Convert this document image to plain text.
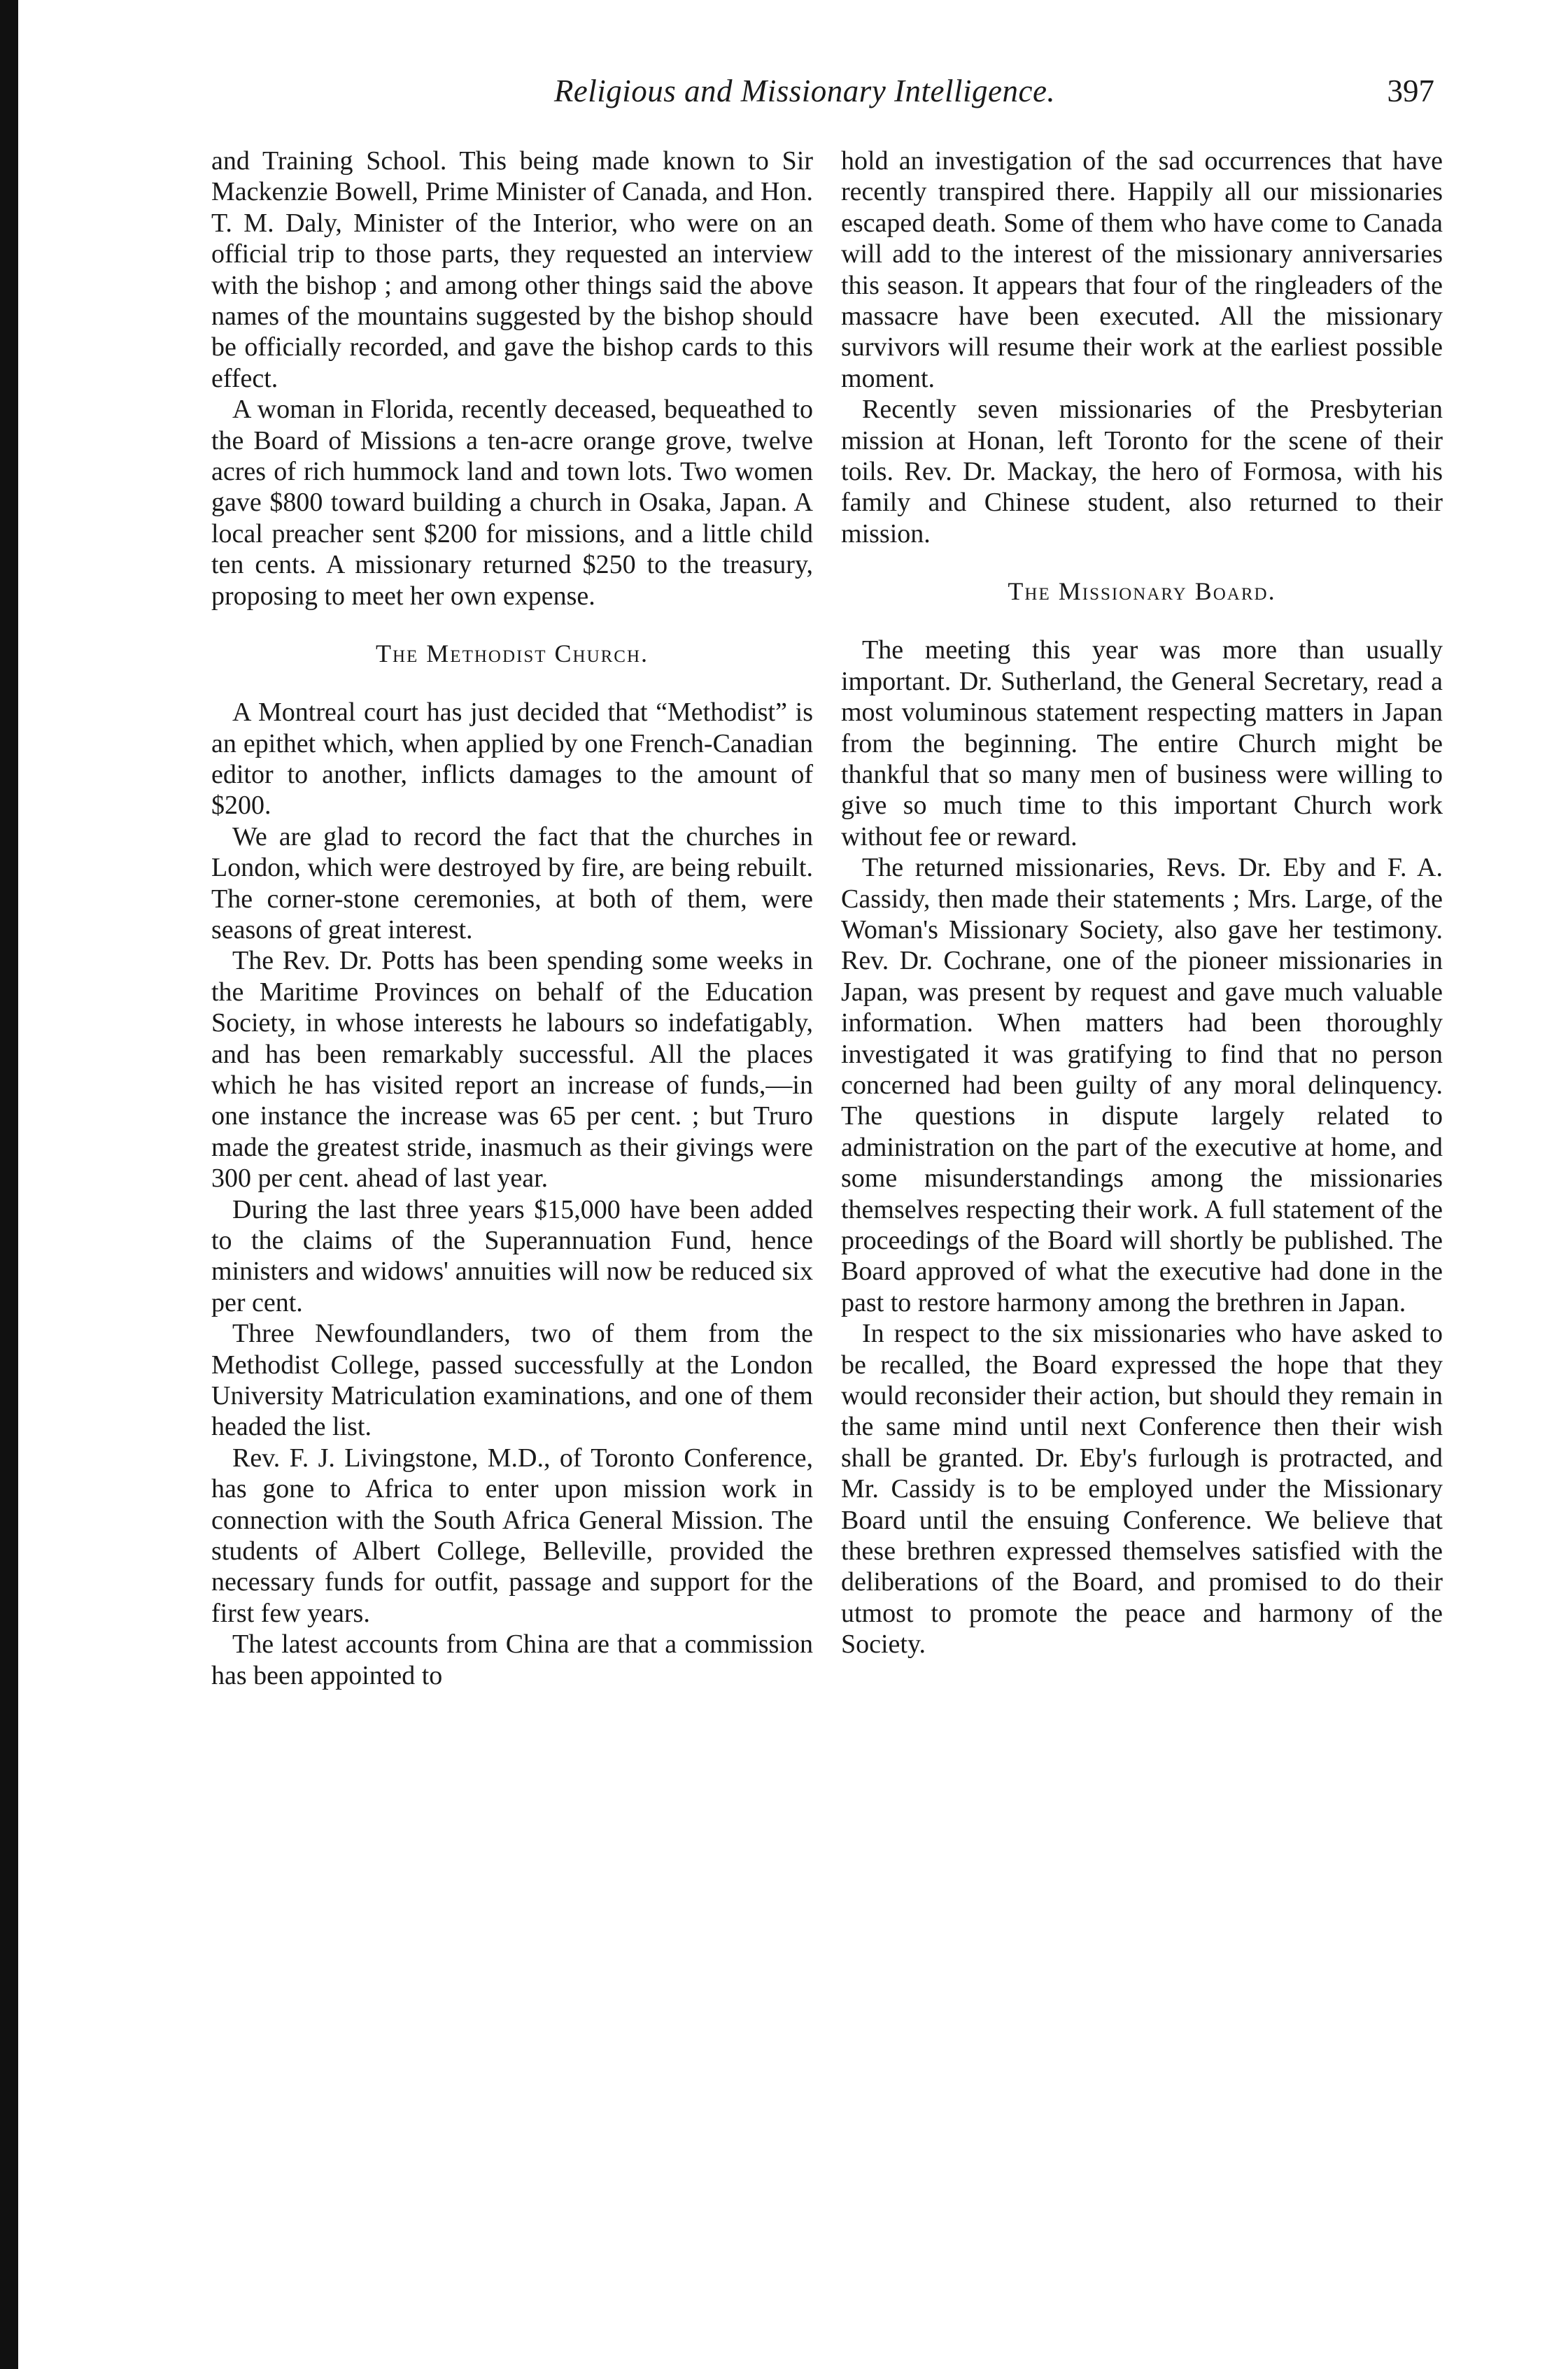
Religious and Missionary Intelligence.	397

and Training School. This being made known to Sir Mackenzie Bowell, Prime Minister of Canada, and Hon. T. M. Daly, Minister of the Interior, who were on an official trip to those parts, they requested an interview with the bishop ; and among other things said the above names of the mountains suggested by the bishop should be officially recorded, and gave the bishop cards to this effect.

A woman in Florida, recently deceased, bequeathed to the Board of Missions a ten-acre orange grove, twelve acres of rich hummock land and town lots. Two women gave $800 toward building a church in Osaka, Japan. A local preacher sent $200 for missions, and a little child ten cents. A missionary returned $250 to the treasury, proposing to meet her own expense.

The Methodist Church.

A Montreal court has just decided that “Methodist” is an epithet which, when applied by one French-Canadian editor to another, inflicts damages to the amount of $200.

We are glad to record the fact that the churches in London, which were destroyed by fire, are being rebuilt. The corner-stone ceremonies, at both of them, were seasons of great interest.

The Rev. Dr. Potts has been spending some weeks in the Maritime Provinces on behalf of the Education Society, in whose interests he labours so indefatigably, and has been remarkably successful. All the places which he has visited report an increase of funds,—in one instance the increase was 65 per cent. ; but Truro made the greatest stride, inasmuch as their givings were 300 per cent. ahead of last year.

During the last three years $15,000 have been added to the claims of the Superannuation Fund, hence ministers and widows' annuities will now be reduced six per cent.

Three Newfoundlanders, two of them from the Methodist College, passed successfully at the London University Matriculation examinations, and one of them headed the list.

Rev. F. J. Livingstone, M.D., of Toronto Conference, has gone to Africa to enter upon mission work in connection with the South Africa General Mission. The students of Albert College, Belleville, provided the necessary funds for outfit, passage and support for the first few years.

The latest accounts from China are that a commission has been appointed to

hold an investigation of the sad occurrences that have recently transpired there. Happily all our missionaries escaped death. Some of them who have come to Canada will add to the interest of the missionary anniversaries this season. It appears that four of the ringleaders of the massacre have been executed. All the missionary survivors will resume their work at the earliest possible moment.

Recently seven missionaries of the Presbyterian mission at Honan, left Toronto for the scene of their toils. Rev. Dr. Mackay, the hero of Formosa, with his family and Chinese student, also returned to their mission.

The Missionary Board.

The meeting this year was more than usually important. Dr. Sutherland, the General Secretary, read a most voluminous statement respecting matters in Japan from the beginning. The entire Church might be thankful that so many men of business were willing to give so much time to this important Church work without fee or reward.

The returned missionaries, Revs. Dr. Eby and F. A. Cassidy, then made their statements ; Mrs. Large, of the Woman's Missionary Society, also gave her testimony. Rev. Dr. Cochrane, one of the pioneer missionaries in Japan, was present by request and gave much valuable information. When matters had been thoroughly investigated it was gratifying to find that no person concerned had been guilty of any moral delinquency. The questions in dispute largely related to administration on the part of the executive at home, and some misunderstandings among the missionaries themselves respecting their work. A full statement of the proceedings of the Board will shortly be published. The Board approved of what the executive had done in the past to restore harmony among the brethren in Japan.

In respect to the six missionaries who have asked to be recalled, the Board expressed the hope that they would reconsider their action, but should they remain in the same mind until next Conference then their wish shall be granted. Dr. Eby's furlough is protracted, and Mr. Cassidy is to be employed under the Missionary Board until the ensuing Conference. We believe that these brethren expressed themselves satisfied with the deliberations of the Board, and promised to do their utmost to promote the peace and harmony of the Society.
